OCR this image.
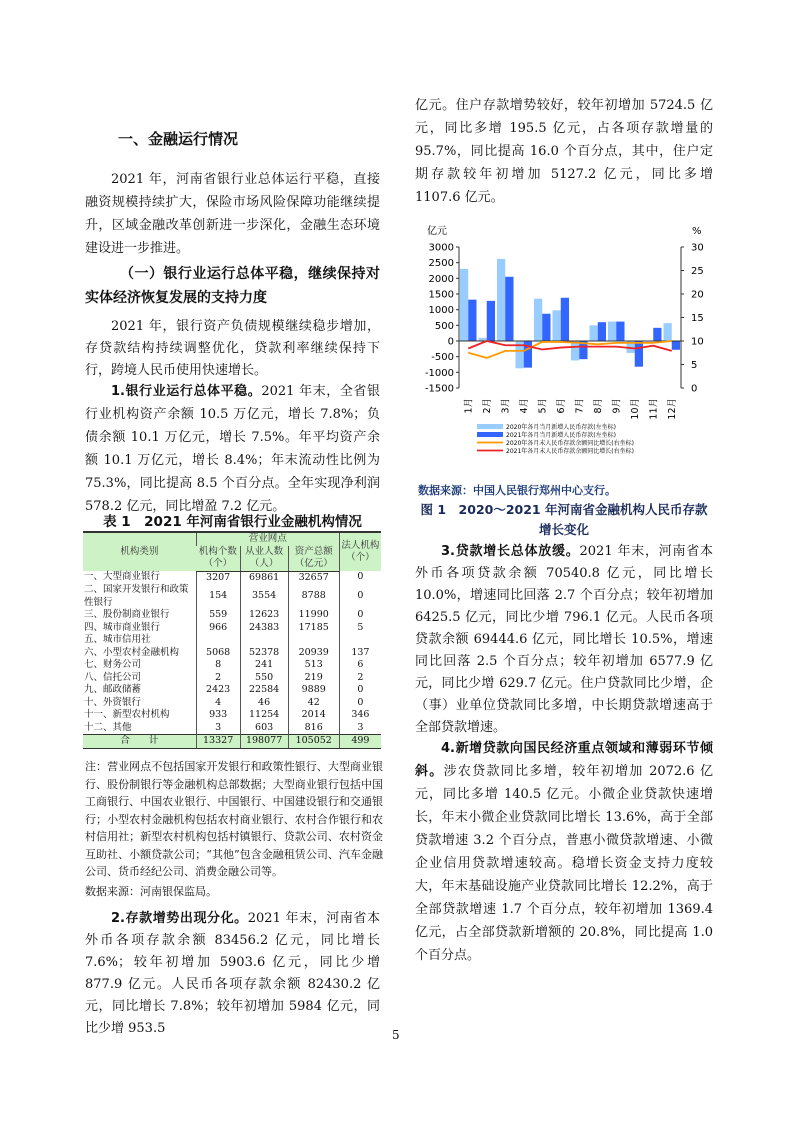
一、金融运行情况

2021 年，河南省银行业总体运行平稳，直接融资规模持续扩大，保险市场风险保障功能继续提升，区域金融改革创新进一步深化，金融生态环境建设进一步推进。

（一）银行业运行总体平稳，继续保持对实体经济恢复发展的支持力度

2021 年，银行资产负债规模继续稳步增加，存贷款结构持续调整优化，贷款利率继续保持下行，跨境人民币使用快速增长。

1.银行业运行总体平稳。2021 年末，全省银行业机构资产余额 10.5 万亿元，增长 7.8%；负债余额 10.1 万亿元，增长 7.5%。年平均资产余额 10.1 万亿元，增长 8.4%；年末流动性比例为 75.3%，同比提高 8.5 个百分点。全年实现净利润 578.2 亿元，同比增盈 7.2 亿元。

表 1　2021 年河南省银行业金融机构情况
机构类别	营业网点			法人机构（个）
	机构个数（个）	从业人数（人）	资产总额（亿元）	
一、大型商业银行	3207	69861	32657	0
二、国家开发银行和政策性银行	154	3554	8788	0
三、股份制商业银行	559	12623	11990	0
四、城市商业银行	966	24383	17185	5
五、城市信用社				
六、小型农村金融机构	5068	52378	20939	137
七、财务公司	8	241	513	6
八、信托公司	2	550	219	2
九、邮政储蓄	2423	22584	9889	0
十、外资银行	4	46	42	0
十一、新型农村机构	933	11254	2014	346
十二、其他	3	603	816	3
合　　计	13327	198077	105052	499
注：营业网点不包括国家开发银行和政策性银行、大型商业银行、股份制银行等金融机构总部数据；大型商业银行包括中国工商银行、中国农业银行、中国银行、中国建设银行和交通银行；小型农村金融机构包括农村商业银行、农村合作银行和农村信用社；新型农村机构包括村镇银行、贷款公司、农村资金互助社、小额贷款公司；“其他”包含金融租赁公司、汽车金融公司、货币经纪公司、消费金融公司等。
数据来源：河南银保监局。

2.存款增势出现分化。2021 年末，河南省本外币各项存款余额 83456.2 亿元，同比增长 7.6%；较年初增加 5903.6 亿元，同比少增 877.9 亿元。人民币各项存款余额 82430.2 亿元，同比增长 7.8%；较年初增加 5984 亿元，同比少增 953.5

亿元。住户存款增势较好，较年初增加 5724.5 亿元，同比多增 195.5 亿元，占各项存款增量的 95.7%，同比提高 16.0 个百分点，其中，住户定期存款较年初增加 5127.2 亿元，同比多增 1107.6 亿元。

亿元	%
3000
2500
2000
1500
1000
500
0
-500
-1000
-1500
30
25
20
15
10
5
0
1月 2月 3月 4月 5月 6月 7月 8月 9月 10月 11月 12月
2020年各月当月新增人民币存款(左坐标)
2021年各月当月新增人民币存款(左坐标)
2020年各月末人民币存款余额同比增长(右坐标)
2021年各月末人民币存款余额同比增长(右坐标)
数据来源：中国人民银行郑州中心支行。
图 1　2020～2021 年河南省金融机构人民币存款增长变化

3.贷款增长总体放缓。2021 年末，河南省本外币各项贷款余额 70540.8 亿元，同比增长 10.0%，增速同比回落 2.7 个百分点；较年初增加 6425.5 亿元，同比少增 796.1 亿元。人民币各项贷款余额 69444.6 亿元，同比增长 10.5%，增速同比回落 2.5 个百分点；较年初增加 6577.9 亿元，同比少增 629.7 亿元。住户贷款同比少增，企（事）业单位贷款同比多增，中长期贷款增速高于全部贷款增速。

4.新增贷款向国民经济重点领域和薄弱环节倾斜。涉农贷款同比多增，较年初增加 2072.6 亿元，同比多增 140.5 亿元。小微企业贷款快速增长，年末小微企业贷款同比增长 13.6%，高于全部贷款增速 3.2 个百分点，普惠小微贷款增速、小微企业信用贷款增速较高。稳增长资金支持力度较大，年末基础设施产业贷款同比增长 12.2%，高于全部贷款增速 1.7 个百分点，较年初增加 1369.4 亿元，占全部贷款新增额的 20.8%，同比提高 1.0 个百分点。

5
